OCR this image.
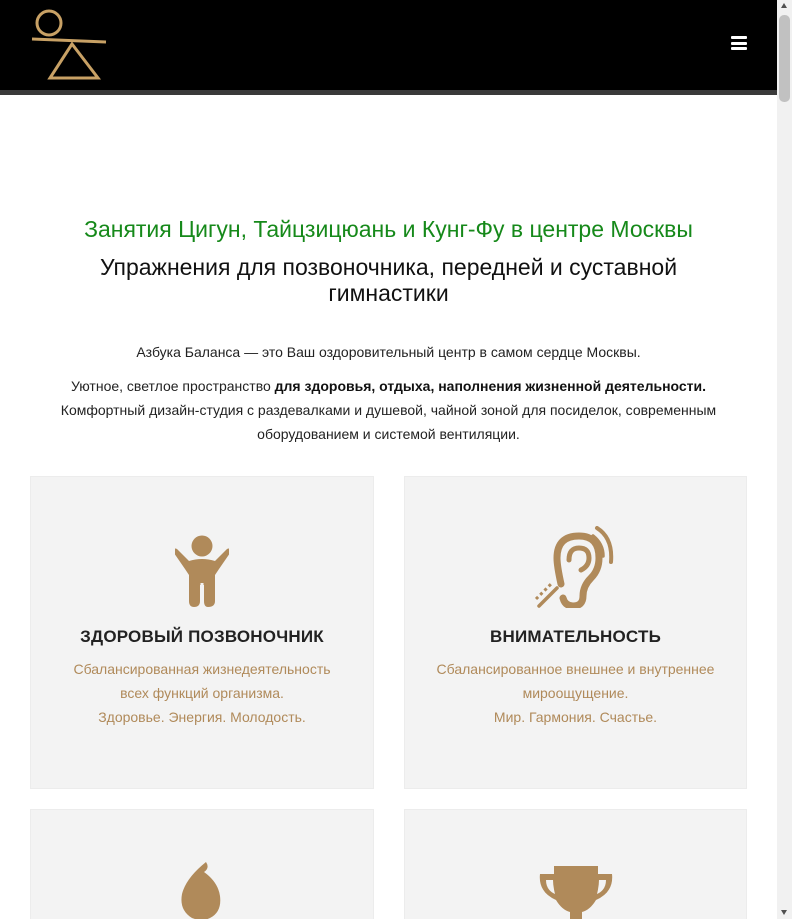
Занятия Цигун, Тайцзицюань и Кунг-Фу в центре Москвы
Упражнения для позвоночника, передней и суставной гимнастики

Азбука Баланса — это Ваш оздоровительный центр в самом сердце Москвы.

Уютное, светлое пространство для здоровья, отдыха, наполнения жизненной деятельности.

Комфортный дизайн-студия с раздевалками и душевой, чайной зоной для посиделок, современным оборудованием и системой вентиляции.

ЗДОРОВЫЙ ПОЗВОНОЧНИК
Сбалансированная жизнедеятельность
всех функций организма.
Здоровье. Энергия. Молодость.
ВНИМАТЕЛЬНОСТЬ
Сбалансированное внешнее и внутреннее
мироощущение.
Мир. Гармония. Счастье.
